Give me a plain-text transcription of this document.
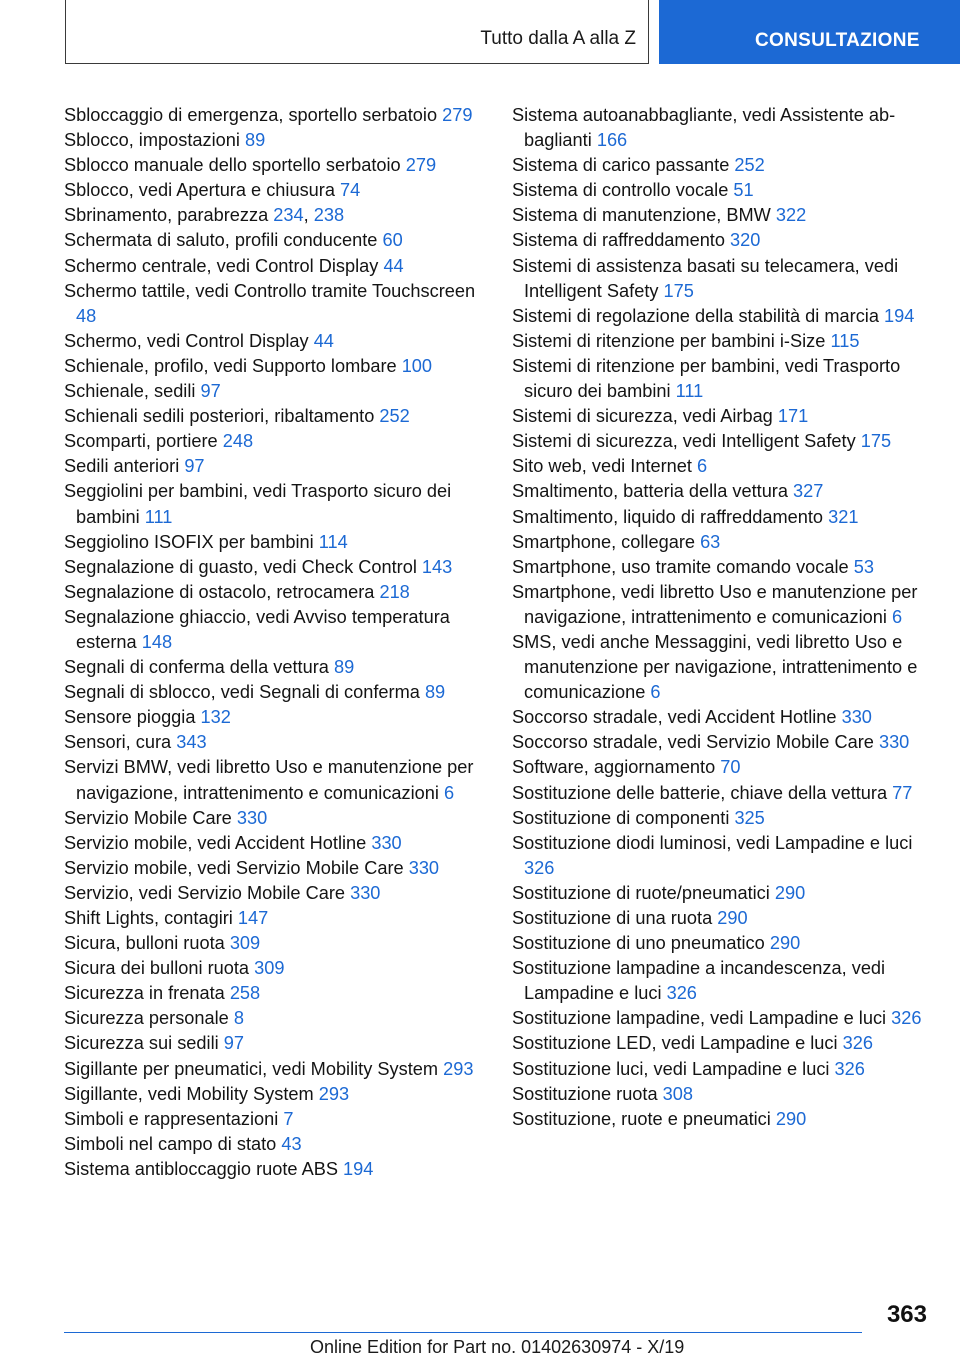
Tutto dalla A alla Z	CONSULTAZIONE
Sbloccaggio di emergenza, sportello serbatoio 279
Sblocco, impostazioni 89
Sblocco manuale dello sportello serbatoio 279
Sblocco, vedi Apertura e chiusura 74
Sbrinamento, parabrezza 234, 238
Schermata di saluto, profili conducente 60
Schermo centrale, vedi Control Display 44
Schermo tattile, vedi Controllo tramite Touchscreen 48
Schermo, vedi Control Display 44
Schienale, profilo, vedi Supporto lombare 100
Schienale, sedili 97
Schienali sedili posteriori, ribaltamento 252
Scomparti, portiere 248
Sedili anteriori 97
Seggiolini per bambini, vedi Trasporto sicuro dei bambini 111
Seggiolino ISOFIX per bambini 114
Segnalazione di guasto, vedi Check Control 143
Segnalazione di ostacolo, retrocamera 218
Segnalazione ghiaccio, vedi Avviso temperatura esterna 148
Segnali di conferma della vettura 89
Segnali di sblocco, vedi Segnali di conferma 89
Sensore pioggia 132
Sensori, cura 343
Servizi BMW, vedi libretto Uso e manutenzione per navigazione, intrattenimento e comunicazioni 6
Servizio Mobile Care 330
Servizio mobile, vedi Accident Hotline 330
Servizio mobile, vedi Servizio Mobile Care 330
Servizio, vedi Servizio Mobile Care 330
Shift Lights, contagiri 147
Sicura, bulloni ruota 309
Sicura dei bulloni ruota 309
Sicurezza in frenata 258
Sicurezza personale 8
Sicurezza sui sedili 97
Sigillante per pneumatici, vedi Mobility System 293
Sigillante, vedi Mobility System 293
Simboli e rappresentazioni 7
Simboli nel campo di stato 43
Sistema antibloccaggio ruote ABS 194
Sistema autoanabbagliante, vedi Assistente abbaglianti 166
Sistema di carico passante 252
Sistema di controllo vocale 51
Sistema di manutenzione, BMW 322
Sistema di raffreddamento 320
Sistemi di assistenza basati su telecamera, vedi Intelligent Safety 175
Sistemi di regolazione della stabilità di marcia 194
Sistemi di ritenzione per bambini i-Size 115
Sistemi di ritenzione per bambini, vedi Trasporto sicuro dei bambini 111
Sistemi di sicurezza, vedi Airbag 171
Sistemi di sicurezza, vedi Intelligent Safety 175
Sito web, vedi Internet 6
Smaltimento, batteria della vettura 327
Smaltimento, liquido di raffreddamento 321
Smartphone, collegare 63
Smartphone, uso tramite comando vocale 53
Smartphone, vedi libretto Uso e manutenzione per navigazione, intrattenimento e comunicazioni 6
SMS, vedi anche Messaggini, vedi libretto Uso e manutenzione per navigazione, intrattenimento e comunicazione 6
Soccorso stradale, vedi Accident Hotline 330
Soccorso stradale, vedi Servizio Mobile Care 330
Software, aggiornamento 70
Sostituzione delle batterie, chiave della vettura 77
Sostituzione di componenti 325
Sostituzione diodi luminosi, vedi Lampadine e luci 326
Sostituzione di ruote/pneumatici 290
Sostituzione di una ruota 290
Sostituzione di uno pneumatico 290
Sostituzione lampadine a incandescenza, vedi Lampadine e luci 326
Sostituzione lampadine, vedi Lampadine e luci 326
Sostituzione LED, vedi Lampadine e luci 326
Sostituzione luci, vedi Lampadine e luci 326
Sostituzione ruota 308
Sostituzione, ruote e pneumatici 290
363
Online Edition for Part no. 01402630974 - X/19
